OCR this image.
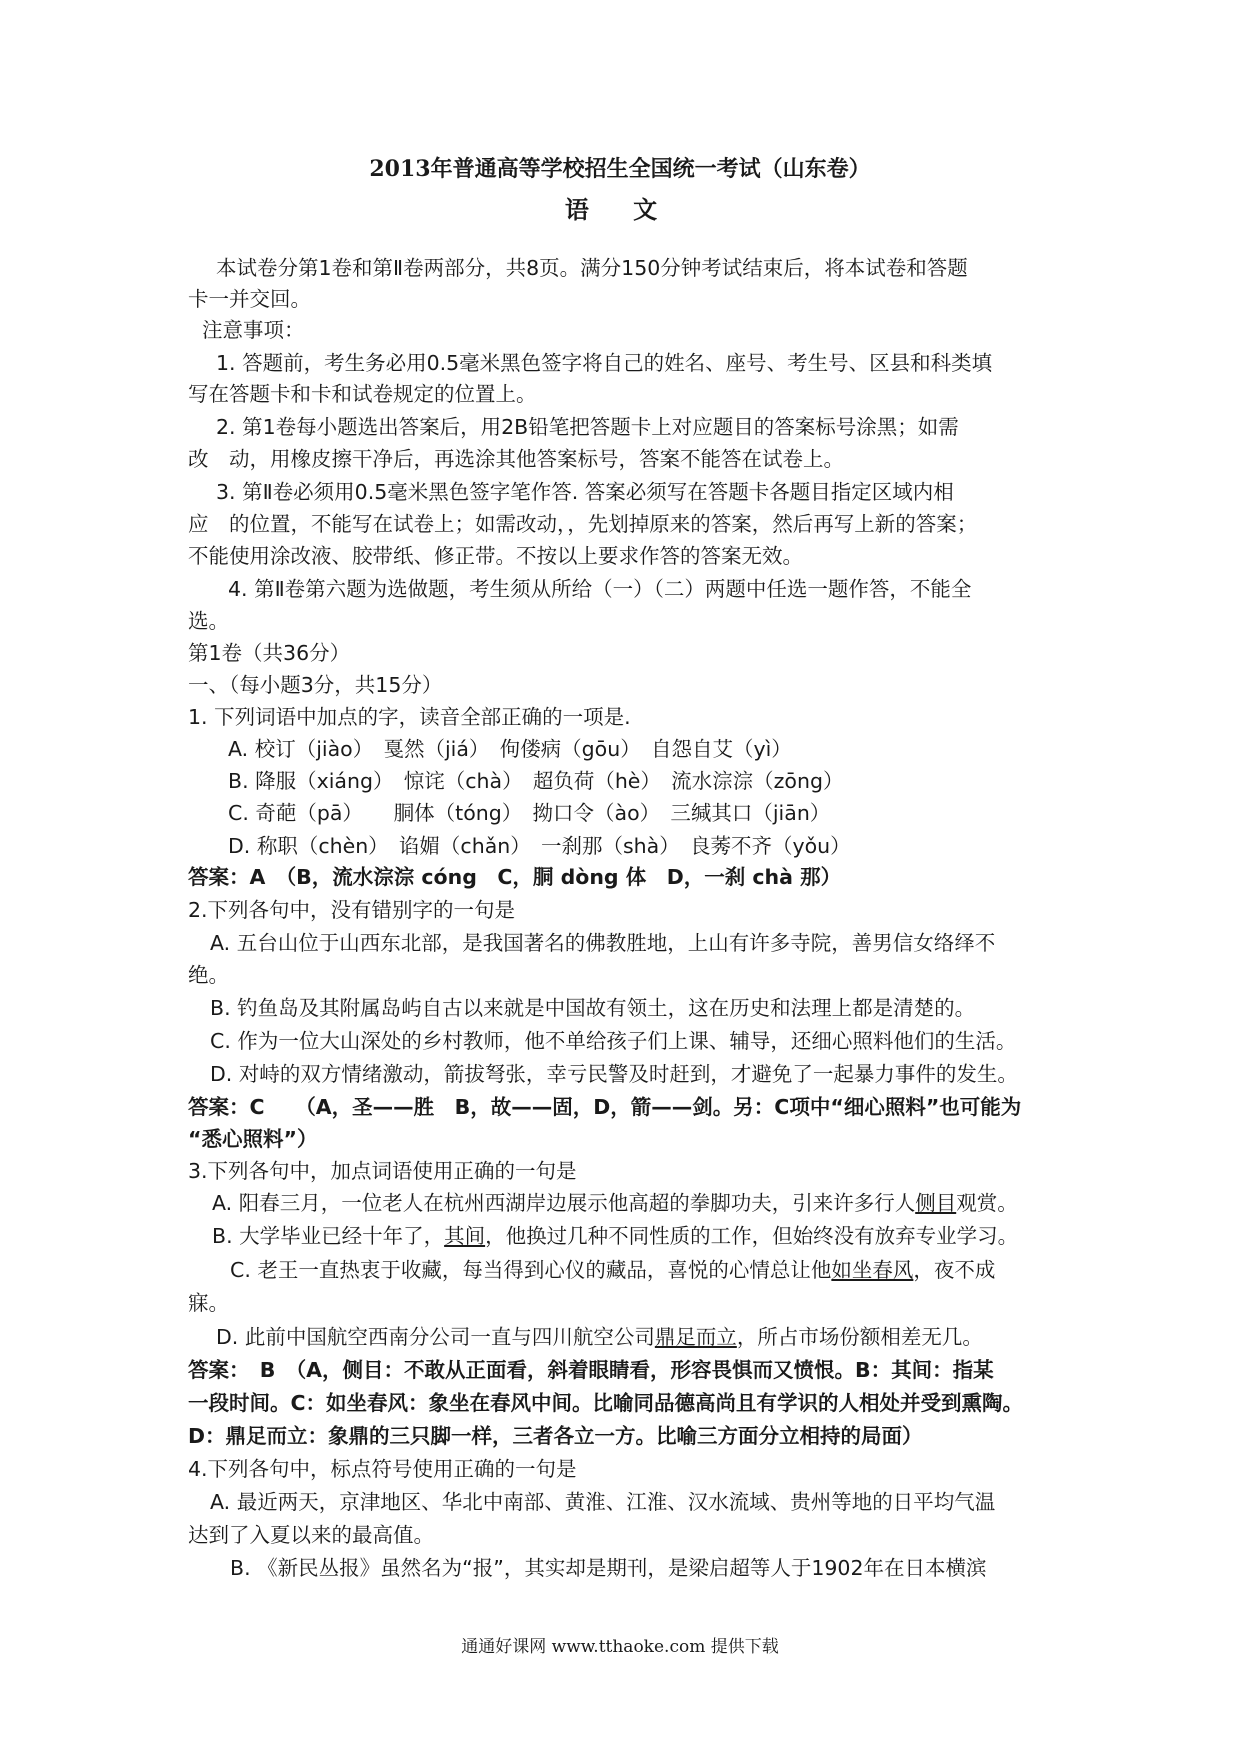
2013年普通高等学校招生全国统一考试（山东卷）
语 文
本试卷分第1卷和第Ⅱ卷两部分，共8页。满分150分钟考试结束后，将本试卷和答题
卡一并交回。
注意事项：
1. 答题前，考生务必用0.5毫米黑色签字将自己的姓名、座号、考生号、区县和科类填
写在答题卡和卡和试卷规定的位置上。
2. 第1卷每小题选出答案后，用2B铅笔把答题卡上对应题目的答案标号涂黑；如需
改　动，用橡皮擦干净后，再选涂其他答案标号，答案不能答在试卷上。
3. 第Ⅱ卷必须用0.5毫米黑色签字笔作答. 答案必须写在答题卡各题目指定区域内相
应　的位置，不能写在试卷上；如需改动，，先划掉原来的答案，然后再写上新的答案；
不能使用涂改液、胶带纸、修正带。不按以上要求作答的答案无效。
4. 第Ⅱ卷第六题为选做题，考生须从所给（一）（二）两题中任选一题作答，不能全
选。
第1卷（共36分）
一、（每小题3分，共15分）
1. 下列词语中加点的字，读音全部正确的一项是.
A. 校订（jiào）　戛然（jiá）　佝偻病（gōu）　自怨自艾（yì）
B. 降服（xiáng）　惊诧（chà）　超负荷（hè）　流水淙淙（zōng）
C. 奇葩（pā）　　胴体（tóng）　拗口令（ào）　三缄其口（jiān）
D. 称职（chèn）　谄媚（chǎn）　一刹那（shà）　良莠不齐（yǒu）
答案：A　（B，流水淙淙 cóng　C，胴 dòng 体　D，一刹 chà 那）
2.下列各句中，没有错别字的一句是
A. 五台山位于山西东北部，是我国著名的佛教胜地，上山有许多寺院，善男信女络绎不
绝。
B. 钓鱼岛及其附属岛屿自古以来就是中国故有领土，这在历史和法理上都是清楚的。
C. 作为一位大山深处的乡村教师，他不单给孩子们上课、辅导，还细心照料他们的生活。
D. 对峙的双方情绪激动，箭拔弩张，幸亏民警及时赶到，才避免了一起暴力事件的发生。
答案：C　　（A，圣——胜　B，故——固，D，箭——剑。另：C项中“细心照料”也可能为
“悉心照料”）
3.下列各句中，加点词语使用正确的一句是
A. 阳春三月，一位老人在杭州西湖岸边展示他高超的拳脚功夫，引来许多行人侧目观赏。
B. 大学毕业已经十年了，其间，他换过几种不同性质的工作，但始终没有放弃专业学习。
C. 老王一直热衷于收藏，每当得到心仪的藏品，喜悦的心情总让他如坐春风，夜不成
寐。
D. 此前中国航空西南分公司一直与四川航空公司鼎足而立，所占市场份额相差无几。
答案：　B　（A，侧目：不敢从正面看，斜着眼睛看，形容畏惧而又愤恨。B：其间：指某
一段时间。C：如坐春风：象坐在春风中间。比喻同品德高尚且有学识的人相处并受到熏陶。
D：鼎足而立：象鼎的三只脚一样，三者各立一方。比喻三方面分立相持的局面）
4.下列各句中，标点符号使用正确的一句是
A. 最近两天，京津地区、华北中南部、黄淮、江淮、汉水流域、贵州等地的日平均气温
达到了入夏以来的最高值。
B. 《新民丛报》虽然名为“报”，其实却是期刊，是梁启超等人于1902年在日本横滨
通通好课网 www.tthaoke.com 提供下载
